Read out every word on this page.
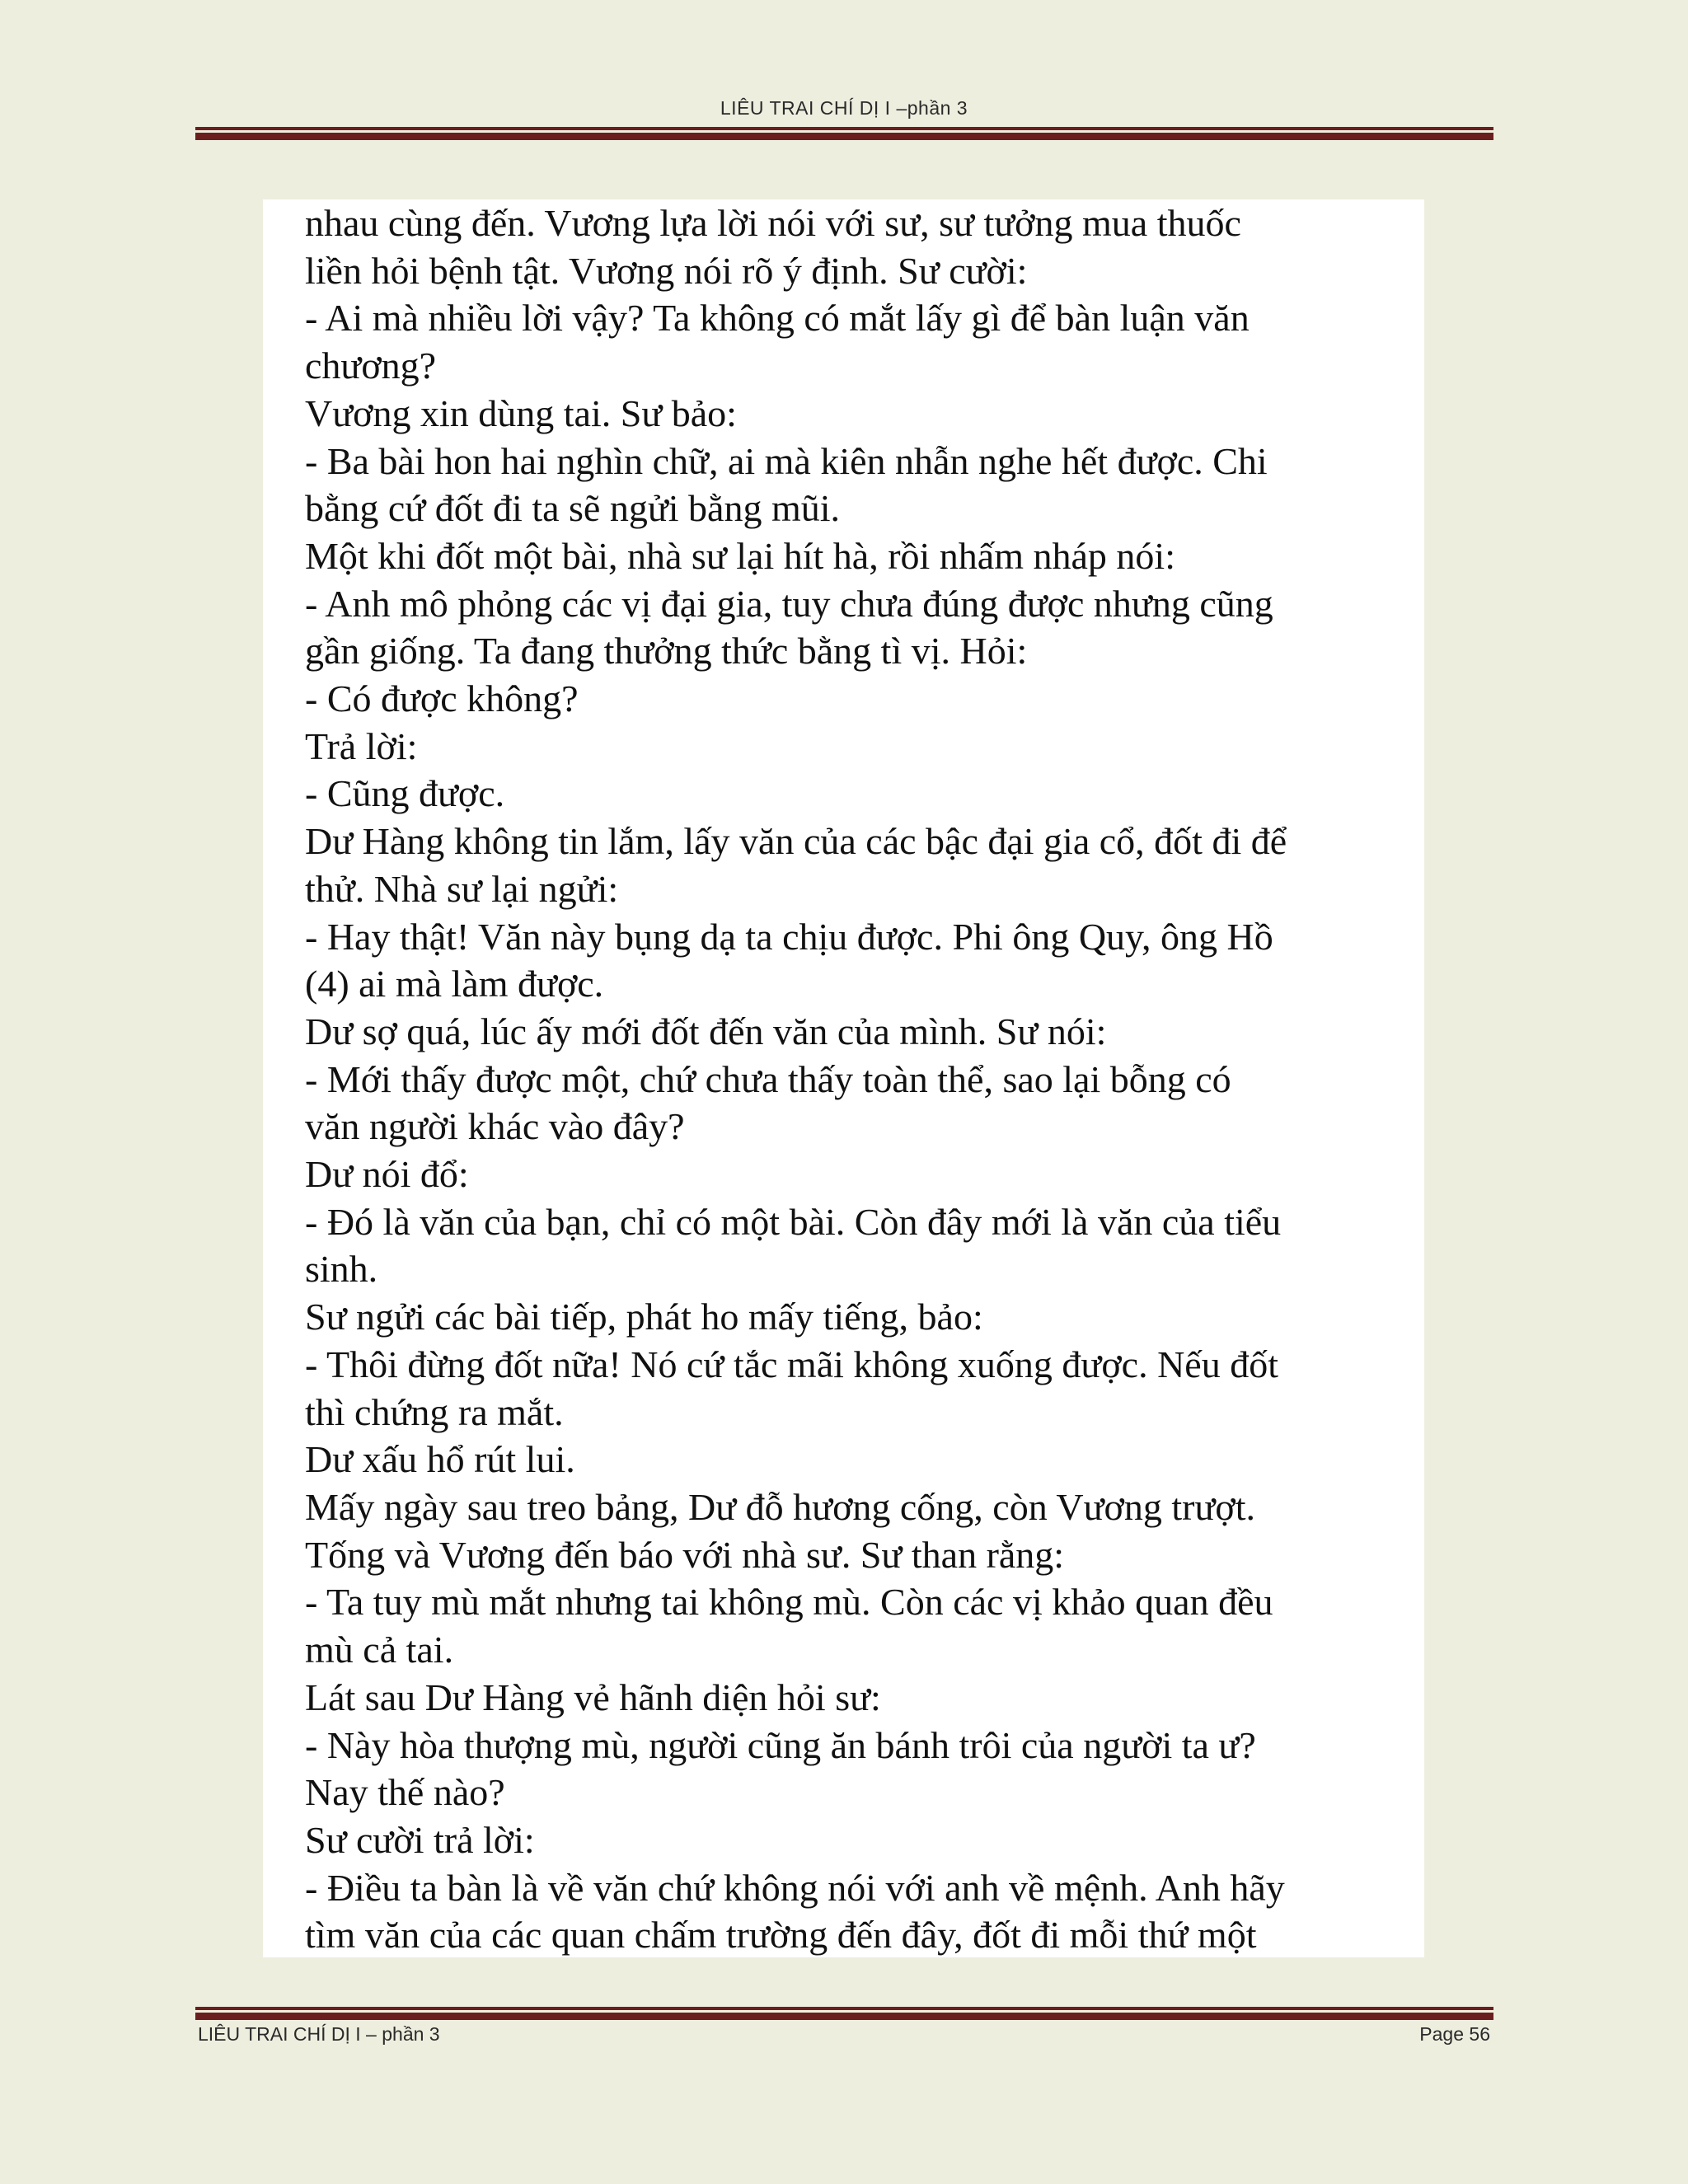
LIÊU TRAI CHÍ DỊ I –phần 3
nhau cùng đến. Vương lựa lời nói với sư, sư tưởng mua thuốc
liền hỏi bệnh tật. Vương nói rõ ý định. Sư cười:
- Ai mà nhiều lời vậy? Ta không có mắt lấy gì để bàn luận văn
chương?
Vương xin dùng tai. Sư bảo:
- Ba bài hon hai nghìn chữ, ai mà kiên nhẫn nghe hết được. Chi
bằng cứ đốt đi ta sẽ ngửi bằng mũi.
Một khi đốt một bài, nhà sư lại hít hà, rồi nhấm nháp nói:
- Anh mô phỏng các vị đại gia, tuy chưa đúng được nhưng cũng
gần giống. Ta đang thưởng thức bằng tì vị. Hỏi:
- Có được không?
Trả lời:
- Cũng được.
Dư Hàng không tin lắm, lấy văn của các bậc đại gia cổ, đốt đi để
thử. Nhà sư lại ngửi:
- Hay thật! Văn này bụng dạ ta chịu được. Phi ông Quy, ông Hồ
(4) ai mà làm được.
Dư sợ quá, lúc ấy mới đốt đến văn của mình. Sư nói:
- Mới thấy được một, chứ chưa thấy toàn thể, sao lại bỗng có
văn người khác vào đây?
Dư nói đổ:
- Đó là văn của bạn, chỉ có một bài. Còn đây mới là văn của tiểu
sinh.
Sư ngửi các bài tiếp, phát ho mấy tiếng, bảo:
- Thôi đừng đốt nữa! Nó cứ tắc mãi không xuống được. Nếu đốt
thì chứng ra mắt.
Dư xấu hổ rút lui.
Mấy ngày sau treo bảng, Dư đỗ hương cống, còn Vương trượt.
Tống và Vương đến báo với nhà sư. Sư than rằng:
- Ta tuy mù mắt nhưng tai không mù. Còn các vị khảo quan đều
mù cả tai.
Lát sau Dư Hàng vẻ hãnh diện hỏi sư:
- Này hòa thượng mù, người cũng ăn bánh trôi của người ta ư?
Nay thế nào?
Sư cười trả lời:
- Điều ta bàn là về văn chứ không nói với anh về mệnh. Anh hãy
tìm văn của các quan chấm trường đến đây, đốt đi mỗi thứ một
LIÊU TRAI CHÍ DỊ I – phần 3	Page 56
